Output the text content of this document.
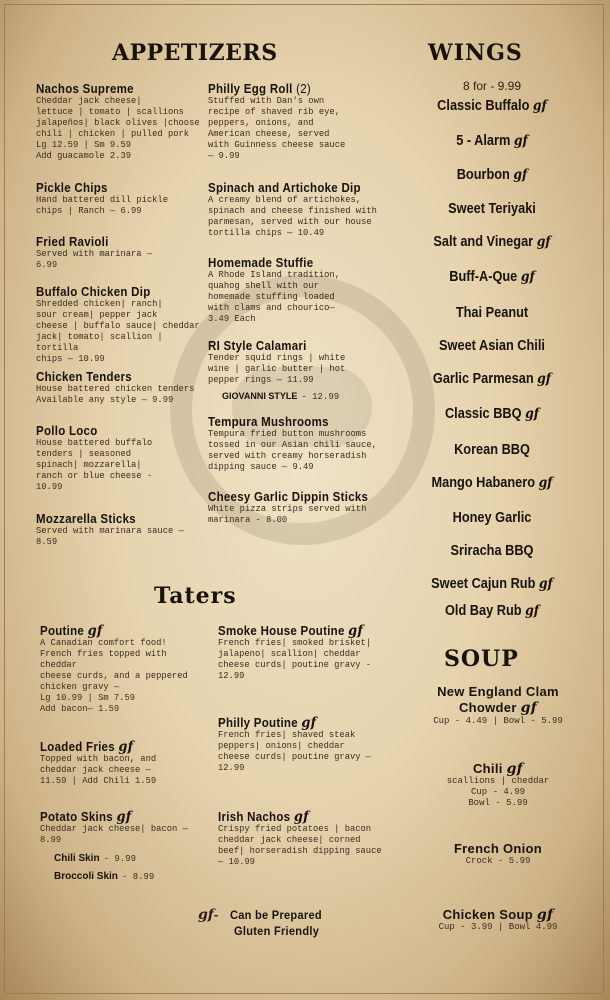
APPETIZERS
Nachos Supreme
Cheddar jack cheese|
lettuce | tomato | scallions
jalapeños| black olives |choose
chili | chicken | pulled pork
Lg 12.59 | Sm 9.59
Add guacamole 2.39
Pickle Chips
Hand battered dill pickle
chips | Ranch — 6.99
Fried Ravioli
Served with marinara —
6.99
Buffalo Chicken Dip
Shredded chicken| ranch|
sour cream| pepper jack
cheese | buffalo sauce| cheddar
jack| tomato| scallion | tortilla
chips — 10.99
Chicken Tenders
House battered chicken tenders
Available any style — 9.99
Pollo Loco
House battered buffalo
tenders | seasoned
spinach| mozzarella|
ranch or blue cheese -
10.99
Mozzarella Sticks
Served with marinara sauce — 8.59
Philly Egg Roll (2)
Stuffed with Dan's own
recipe of shaved rib eye,
peppers, onions, and
American cheese, served
with Guinness cheese sauce
— 9.99
Spinach and Artichoke Dip
A creamy blend of artichokes,
spinach and cheese finished with
parmesan, served with our house
tortilla chips — 10.49
Homemade Stuffie
A Rhode Island tradition,
quahog shell with our
homemade stuffing loaded
with clams and chourico—
3.49 Each
RI Style Calamari
Tender squid rings | white
wine | garlic butter | hot
pepper rings — 11.99
GIOVANNI STYLE - 12.99
Tempura Mushrooms
Tempura fried button mushrooms
tossed in our Asian chili sauce,
served with creamy horseradish
dipping sauce — 9.49
Cheesy Garlic Dippin Sticks
White pizza strips served with
marinara - 8.00
WINGS
8 for - 9.99
Classic Buffalo gf
5 - Alarm gf
Bourbon gf
Sweet Teriyaki
Salt and Vinegar gf
Buff-A-Que gf
Thai Peanut
Sweet Asian Chili
Garlic Parmesan gf
Classic BBQ gf
Korean BBQ
Mango Habanero gf
Honey Garlic
Sriracha BBQ
Sweet Cajun Rub gf
Old Bay Rub gf
Taters
Poutine gf
A Canadian comfort food!
French fries topped with
cheddar
cheese curds, and a peppered
chicken gravy —
Lg 10.99 | Sm 7.59
Add bacon— 1.59
Loaded Fries gf
Topped with bacon, and
cheddar jack cheese —
11.59 | Add Chili 1.59
Potato Skins gf
Cheddar jack cheese| bacon —
8.99
Chili Skin - 9.99
Broccoli Skin - 8.99
Smoke House Poutine gf
French fries| smoked brisket|
jalapeno| scallion| cheddar
cheese curds| poutine gravy -
12.99
Philly Poutine gf
French fries| shaved steak
peppers| onions| cheddar
cheese curds| poutine gravy —
12.99
Irish Nachos gf
Crispy fried potatoes | bacon
cheddar jack cheese| corned
beef| horseradish dipping sauce
— 10.99
gf- Can be Prepared
Gluten Friendly
SOUP
New England Clam Chowder gf
Cup - 4.49 | Bowl - 5.99
Chili gf
scallions | cheddar
Cup - 4.99
Bowl - 5.99
French Onion
Crock - 5.99
Chicken Soup gf
Cup - 3.99 | Bowl 4.99
